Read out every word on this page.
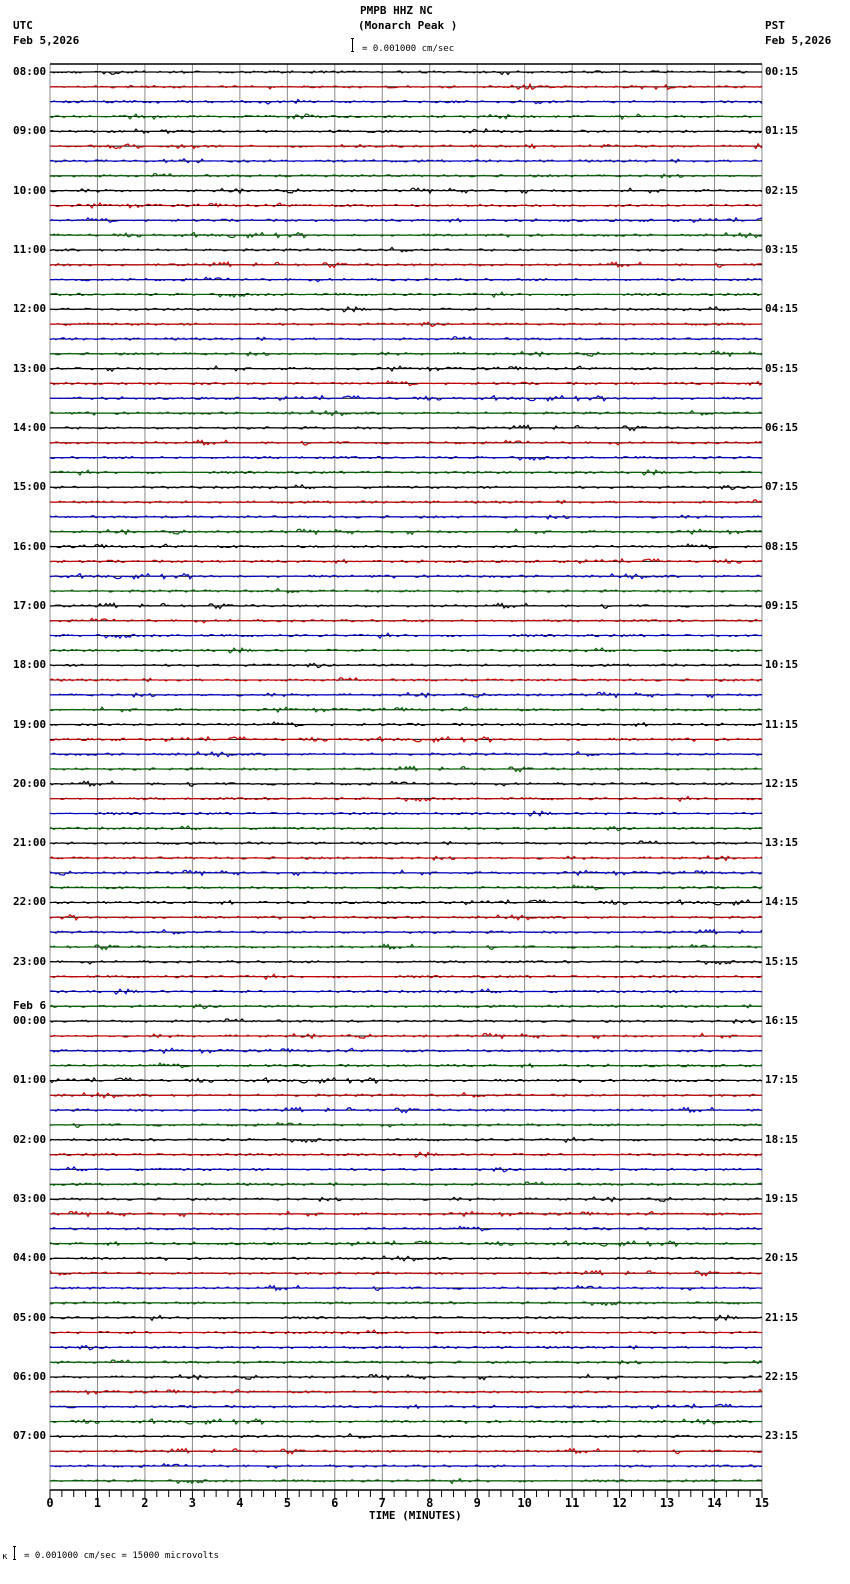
PMPB HHZ NC
(Monarch Peak )
UTC
Feb 5,2026
PST
Feb 5,2026
= 0.001000 cm/sec
08:00
09:00
10:00
11:00
12:00
13:00
14:00
15:00
16:00
17:00
18:00
19:00
20:00
21:00
22:00
23:00
00:00
Feb 6
01:00
02:00
03:00
04:00
05:00
06:00
07:00
00:15
01:15
02:15
03:15
04:15
05:15
06:15
07:15
08:15
09:15
10:15
11:15
12:15
13:15
14:15
15:15
16:15
17:15
18:15
19:15
20:15
21:15
22:15
23:15
0	1	2	3	4	5	6	7	8	9	10	11	12	13	14	15
TIME (MINUTES)
κ = 0.001000 cm/sec = 15000 microvolts
